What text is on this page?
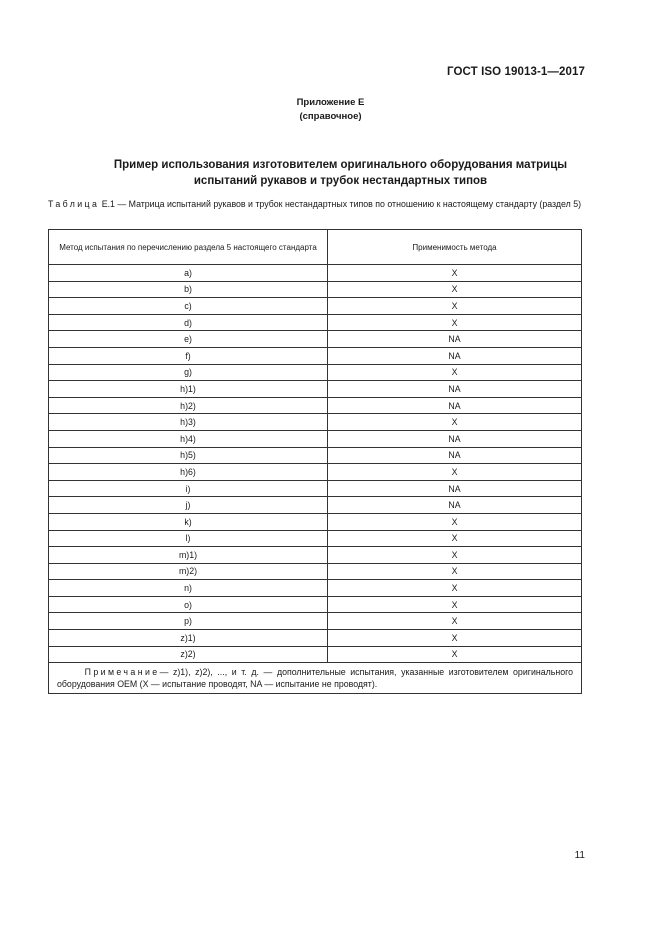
ГОСТ ISO 19013-1—2017
Приложение Е
(справочное)
Пример использования изготовителем оригинального оборудования матрицы
испытаний рукавов и трубок нестандартных типов
Таблица Е.1 — Матрица испытаний рукавов и трубок нестандартных типов по отношению к настоящему стандарту (раздел 5)
Метод испытания по перечислению раздела 5 настоящего стандарта	Применимость метода
a)	X
b)	X
c)	X
d)	X
e)	NA
f)	NA
g)	X
h)1)	NA
h)2)	NA
h)3)	X
h)4)	NA
h)5)	NA
h)6)	X
i)	NA
j)	NA
k)	X
l)	X
m)1)	X
m)2)	X
n)	X
o)	X
p)	X
z)1)	X
z)2)	X
Примечание— z)1), z)2), ..., и т. д. — дополнительные испытания, указанные изготовителем оригинального оборудования OEM (X — испытание проводят, NA — испытание не проводят).	
11
